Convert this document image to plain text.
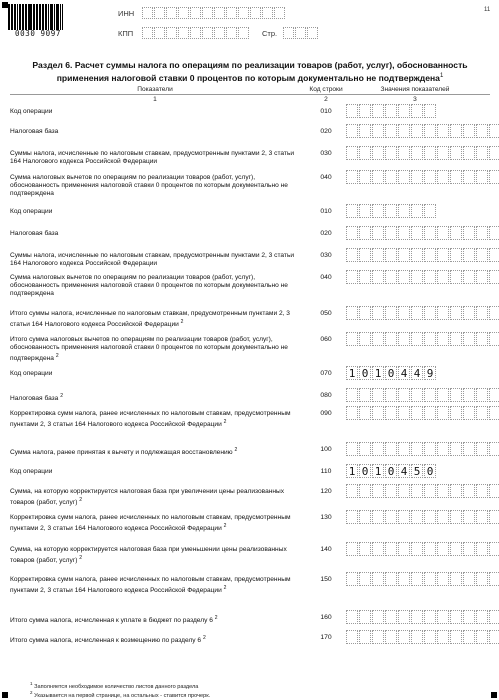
0030 9097
ИНН
КПП	Стр.
11
Раздел 6. Расчет суммы налога по операциям по реализации товаров (работ, услуг), обоснованность
применения налоговой ставки 0 процентов по которым документально не подтверждена$^1$
Показатели
1
Код строки
2
Значения показателей
3
Код операции	010
Налоговая база	020
Суммы налога, исчисленные по налоговым ставкам, предусмотренным пунктами 2, 3 статьи 164 Налогового кодекса Российской Федерации
030
Сумма налоговых вычетов по операциям по реализации товаров (работ, услуг), обоснованность применения налоговой ставки 0 процентов по которым документально не подтверждена
040
Код операции	010
Налоговая база	020
Суммы налога, исчисленные по налоговым ставкам, предусмотренным пунктами 2, 3 статьи 164 Налогового кодекса Российской Федерации
030
Сумма налоговых вычетов по операциям по реализации товаров (работ, услуг), обоснованность применения налоговой ставки 0 процентов по которым документально не подтверждена
040
Итого суммы налога, исчисленные по налоговым ставкам, предусмотренным пунктами 2, 3 статьи 164 Налогового кодекса Российской Федерации $^2$
050
Итого сумма налоговых вычетов по операциям по реализации товаров (работ, услуг), обоснованность применения налоговой ставки 0 процентов по которым документально не подтверждена $^2$
060
Код операции	070	1 0 1 0 4 4 9
Налоговая база $^2$	080
Корректировка сумм налога, ранее исчисленных по налоговым ставкам, предусмотренным пунктами 2, 3 статьи 164 Налогового кодекса Российской Федерации $^2$
090
Сумма налога, ранее принятая к вычету и подлежащая восстановлению $^2$	100
Код операции	110	1 0 1 0 4 5 0
Сумма, на которую корректируется налоговая база при увеличении цены реализованных товаров (работ, услуг) $^2$
120
Корректировка сумм налога, ранее исчисленных по налоговым ставкам, предусмотренным пунктами 2, 3 статьи 164 Налогового кодекса Российской Федерации $^2$
130
Сумма, на которую корректируется налоговая база при уменьшении цены реализованных товаров (работ, услуг) $^2$
140
Корректировка сумм налога, ранее исчисленных по налоговым ставкам, предусмотренным пунктами 2, 3 статьи 164 Налогового кодекса Российской Федерации $^2$
150
Итого сумма налога, исчисленная к уплате в бюджет по разделу 6 $^2$	160
Итого сумма налога, исчисленная к возмещению по разделу 6 $^2$	170
$^1$ Заполняется необходимое количество листов данного раздела
$^2$ Указывается на первой странице, на остальных - ставится прочерк.
